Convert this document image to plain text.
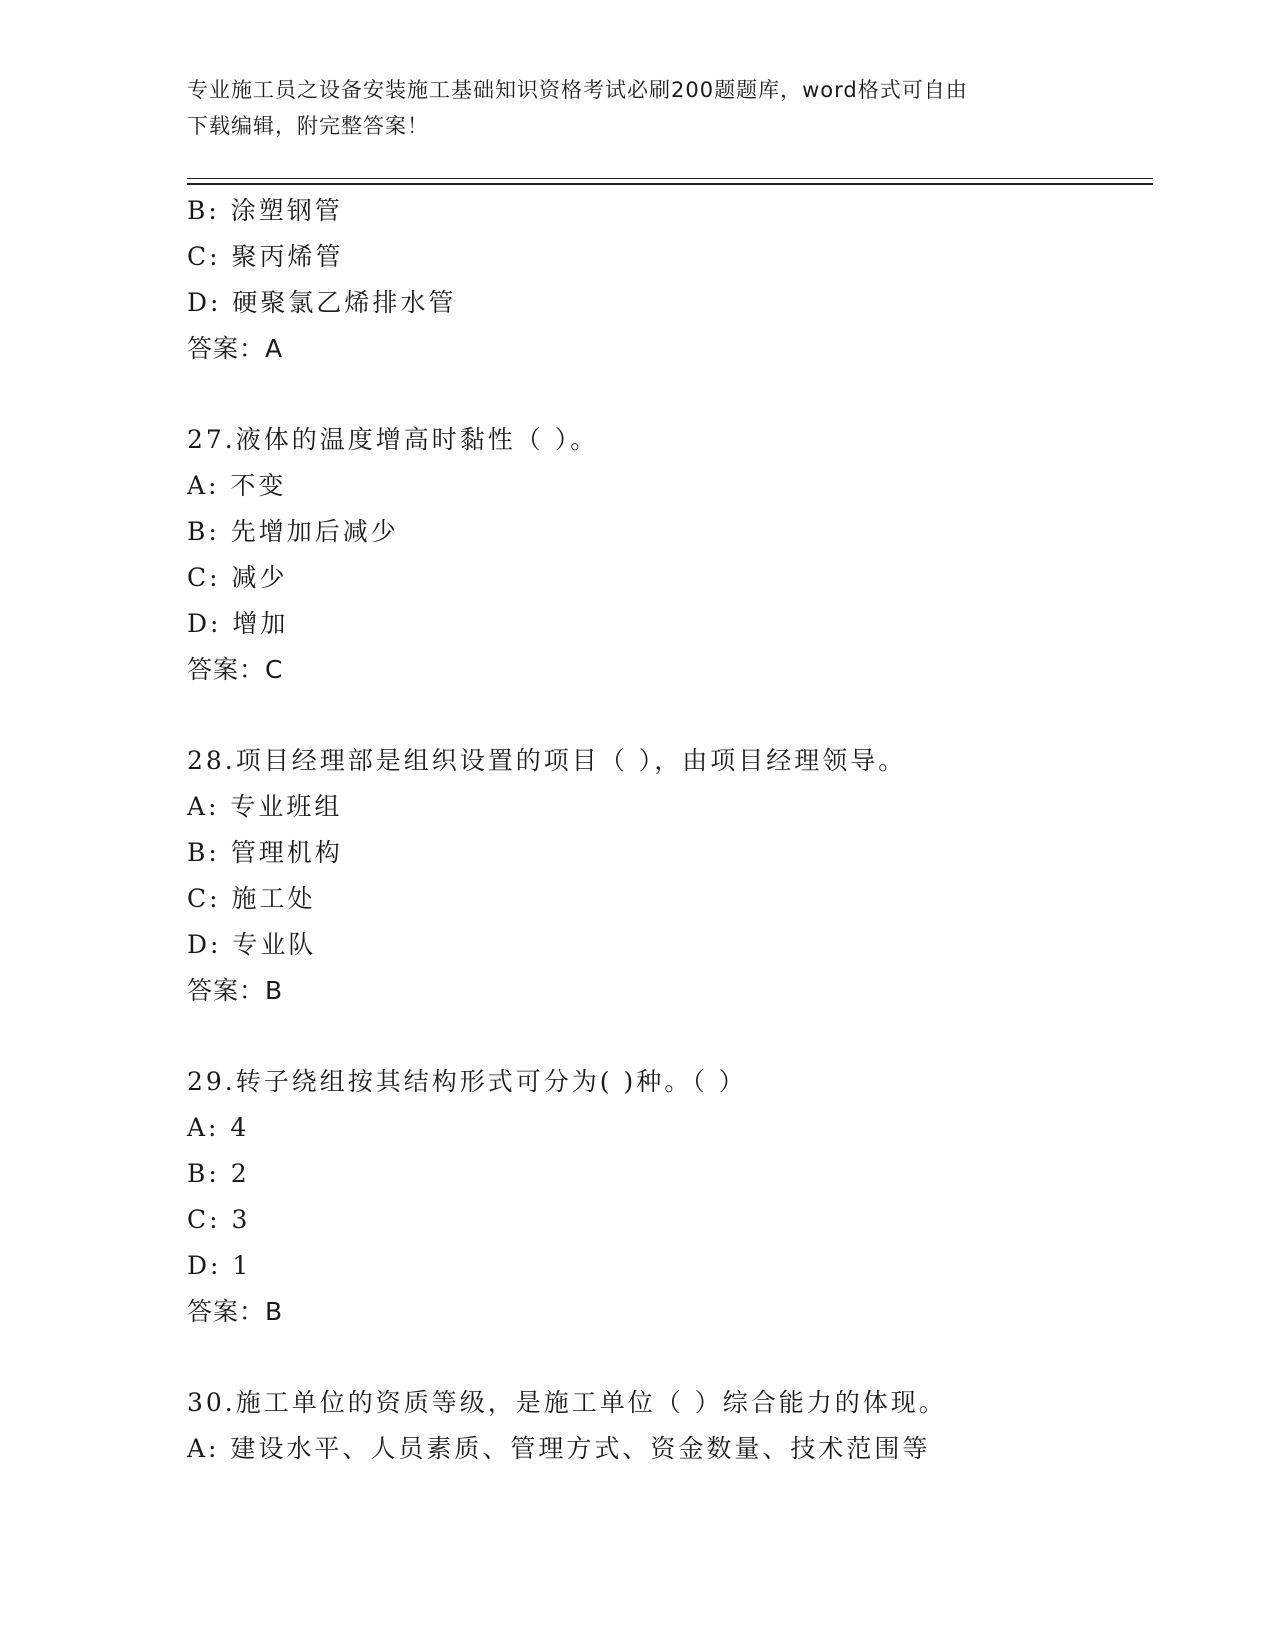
专业施工员之设备安装施工基础知识资格考试必刷200题题库，word格式可自由
下载编辑，附完整答案！
B: 涂塑钢管
C: 聚丙烯管
D: 硬聚氯乙烯排水管
答案：A
27.液体的温度增高时黏性（ ）。
A: 不变
B: 先增加后减少
C: 减少
D: 增加
答案：C
28.项目经理部是组织设置的项目（ ），由项目经理领导。
A: 专业班组
B: 管理机构
C: 施工处
D: 专业队
答案：B
29.转子绕组按其结构形式可分为( )种。（ ）
A: 4
B: 2
C: 3
D: 1
答案：B
30.施工单位的资质等级，是施工单位（ ）综合能力的体现。
A: 建设水平、人员素质、管理方式、资金数量、技术范围等
